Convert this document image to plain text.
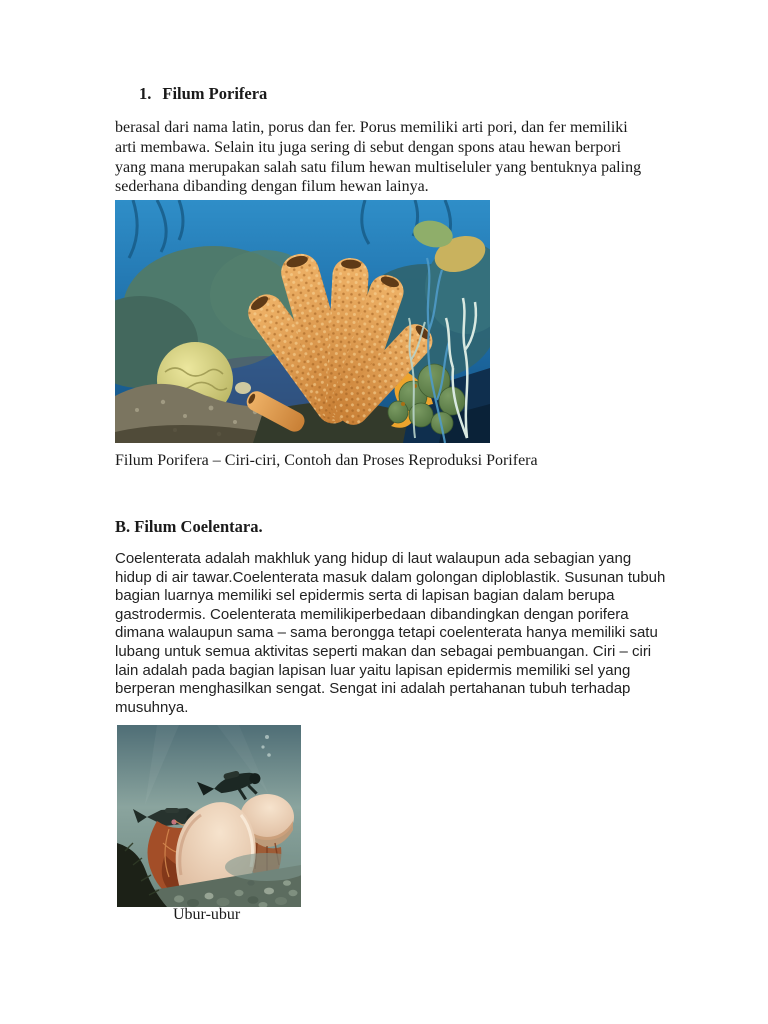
1. Filum Porifera
berasal dari nama latin, porus dan fer. Porus memiliki arti pori, dan fer memiliki arti membawa. Selain itu juga sering di sebut dengan spons atau hewan berpori yang mana merupakan salah satu filum hewan multiseluler yang bentuknya paling sederhana dibanding dengan filum hewan lainya.
Filum Porifera – Ciri-ciri, Contoh dan Proses Reproduksi Porifera
B. Filum Coelentara.
Coelenterata adalah makhluk yang hidup di laut walaupun ada sebagian yang hidup di air tawar.Coelenterata masuk dalam golongan diploblastik. Susunan tubuh bagian luarnya memiliki sel epidermis serta di lapisan bagian dalam berupa gastrodermis. Coelenterata memilikiperbedaan dibandingkan dengan porifera dimana walaupun sama – sama berongga tetapi coelenterata hanya memiliki satu lubang untuk semua aktivitas seperti makan dan sebagai pembuangan. Ciri – ciri lain adalah pada bagian lapisan luar yaitu lapisan epidermis memiliki sel yang berperan menghasilkan sengat. Sengat ini adalah pertahanan tubuh terhadap musuhnya.
Ubur-ubur
